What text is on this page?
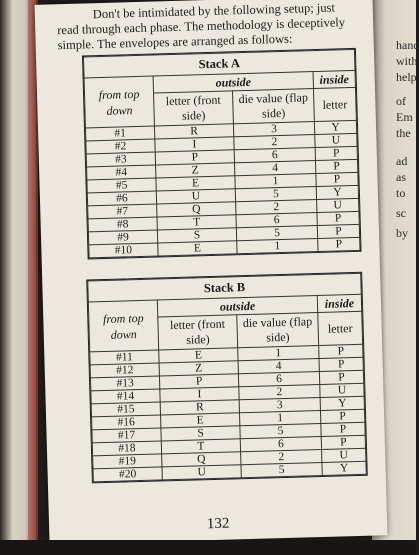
hand
with
help
of
Em
the
ad
as
to
sc
by
Don't be intimidated by the following setup; just
read through each phase. The methodology is deceptively
simple. The envelopes are arranged as follows:
Stack A			
from top down	outside		inside
	letter (front side)	die value (flap side)	letter
#1	R	3	Y
#2	I	2	U
#3	P	6	P
#4	Z	4	P
#5	E	1	P
#6	U	5	Y
#7	Q	2	U
#8	T	6	P
#9	S	5	P
#10	E	1	P
Stack B			
from top down	outside		inside
	letter (front side)	die value (flap side)	letter
#11	E	1	P
#12	Z	4	P
#13	P	6	P
#14	I	2	U
#15	R	3	Y
#16	E	1	P
#17	S	5	P
#18	T	6	P
#19	Q	2	U
#20	U	5	Y
132
